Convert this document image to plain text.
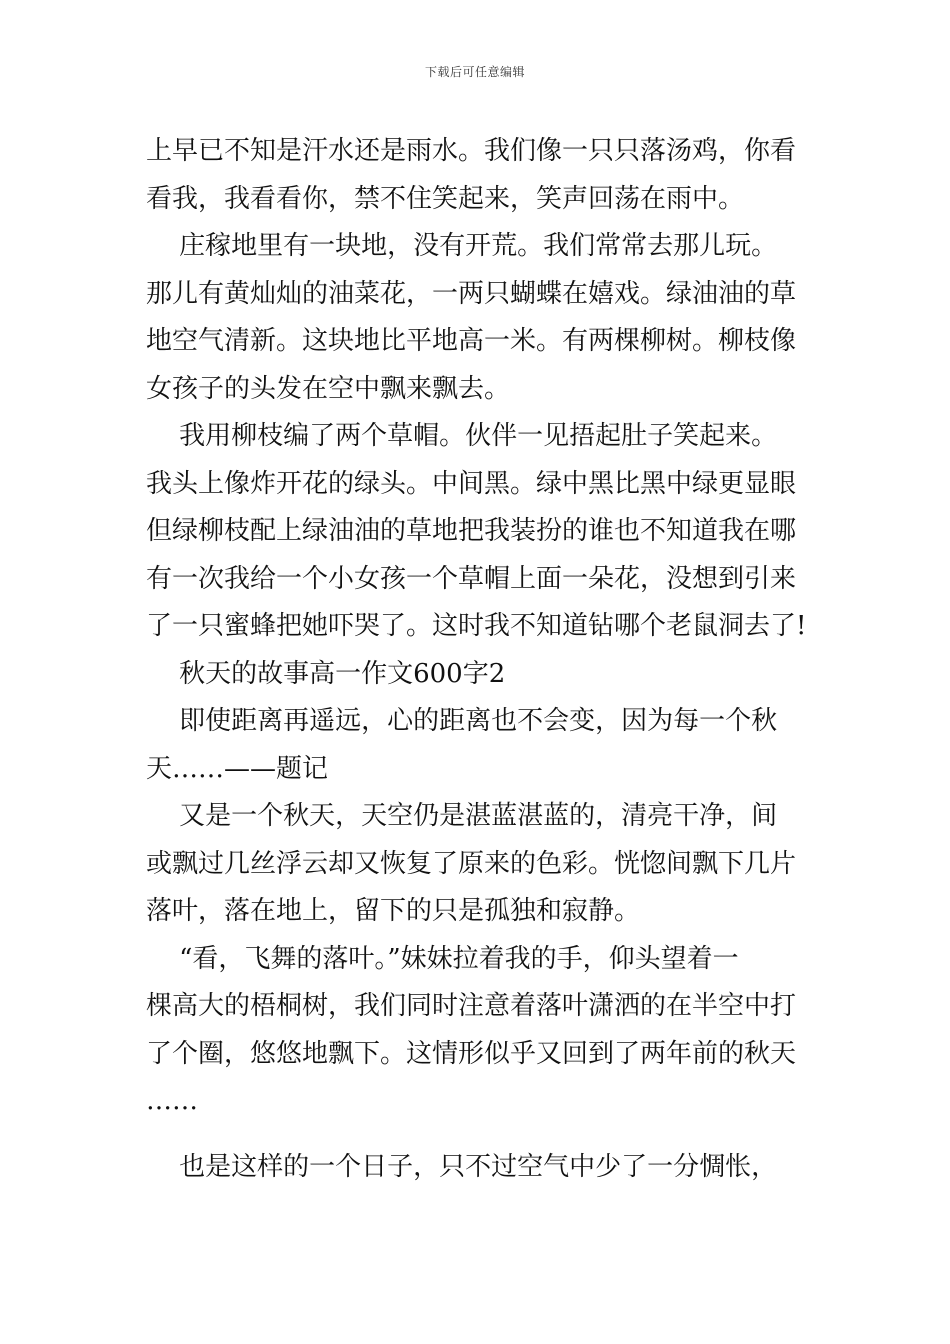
下载后可任意编辑

上早已不知是汗水还是雨水。我们像一只只落汤鸡，你看
看我，我看看你，禁不住笑起来，笑声回荡在雨中。

庄稼地里有一块地，没有开荒。我们常常去那儿玩。
那儿有黄灿灿的油菜花，一两只蝴蝶在嬉戏。绿油油的草
地空气清新。这块地比平地高一米。有两棵柳树。柳枝像
女孩子的头发在空中飘来飘去。

我用柳枝编了两个草帽。伙伴一见捂起肚子笑起来。
我头上像炸开花的绿头。中间黑。绿中黑比黑中绿更显眼
但绿柳枝配上绿油油的草地把我装扮的谁也不知道我在哪
有一次我给一个小女孩一个草帽上面一朵花，没想到引来
了一只蜜蜂把她吓哭了。这时我不知道钻哪个老鼠洞去了!

秋天的故事高一作文600字2

即使距离再遥远，心的距离也不会变，因为每一个秋
天……——题记

又是一个秋天，天空仍是湛蓝湛蓝的，清亮干净，间
或飘过几丝浮云却又恢复了原来的色彩。恍惚间飘下几片
落叶，落在地上，留下的只是孤独和寂静。

“看，飞舞的落叶。”妹妹拉着我的手，仰头望着一
棵高大的梧桐树，我们同时注意着落叶潇洒的在半空中打
了个圈，悠悠地飘下。这情形似乎又回到了两年前的秋天
……

也是这样的一个日子，只不过空气中少了一分惆怅，
